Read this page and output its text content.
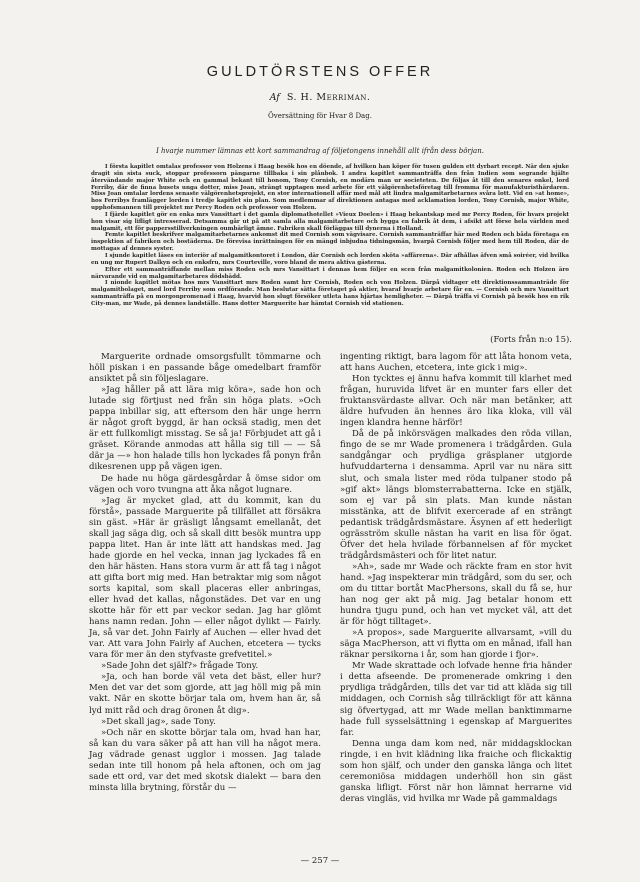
GULDTÖRSTENS OFFER
Af S. H. Merriman.
Översättning för Hvar 8 Dag.
I hvarje nummer lämnas ett kort sammandrag af följetongens innehåll allt ifrån dess början.

I första kapitlet omtalas professor von Holzens i Haag besök hos en döende, af hvilken han köper för tusen gulden ett dyrbart recept. När den sjuke dragit sin sista suck, stoppar professorn pängarne tillbaka i sin plånbok. I andra kapitlet sammanträffa den från Indien som segrande hjälte återvändande major White och en gammal bekant till honom, Tony Cornish, en modärn man ur societeten. De följas åt till den senares onkel, lord Ferriby, där de finna husets unga dotter, miss Joan, strängt upptagen med arbete för ett välgörenhetsföretag till fromma för manufakturisthärdaren. Miss Joan omtalar lordens senaste välgörenhetsprojekt, en stor internationell affär med mål att lindra malgamitarbetarnes svåra lott. Vid en »at home», hos Ferribys framlägger lorden i tredje kapitlet sin plan. Som medlemmar af direktionen antagas med acklamation lorden, Tony Cornish, major White, upphofsmannen till projektet mr Percy Roden och professor von Holzen.

I fjärde kapitlet gör en enka mrs Vansittart i det gamla diplomathotellet »Vieux Doelen» i Haag bekantskap med mr Percy Roden, för hvars projekt hon visar sig lifligt intresserad. Detsamma går ut på att samla alla malgamitarbetare och bygga en fabrik åt dem, i afsikt att förse hela världen med malgamit, ett för pappersstillverkningen oumbärligt ämne. Fabriken skall förläggas till dynerna i Holland.

Femte kapitlet beskrifver malgamitarbetarnes ankomst dit med Cornish som vägvisare. Cornish sammanträffar här med Roden och båda företaga en inspektion af fabriken och bostäderna. De förevisa inrättningen för en mängd inbjudna tidningsmän, hvarpå Cornish följer med hem till Roden, där de mottagas af dennes syster.

I sjunde kapitlet läses en interiör af malgamitkontoret i London, där Cornish och lorden sköta »affärerna». Där afhållas äfven små soiréer, vid hvilka en ung mr Rupert Dalkyn och en enksfru, mrs Courteville, voro bland de mera aktiva gästerna.

Efter ett sammanträffande mellan miss Roden och mrs Vansittart i dennas hem följer en scen från malgamitkolonien. Roden och Holzen äro närvarande vid en malgamitarbetares dödsbädd.

I nionde kapitlet mötas hos mrs Vansittart mrs Roden samt hrr Cornish, Roden och von Holzen. Därpå vidtager ett direktionssammanträde för malgamitbolaget, med lord Ferriby som ordförande. Man beslutar sätta företaget på aktier, hvaraf hvarje arbetare får en. — Cornish och mrs Vansittart sammanträffa på en morgonpromenad i Haag, hvarvid hon slugt försöker utleta hans hjärtas hemligheter. — Därpå träffa vi Cornish på besök hos en rik City-man, mr Wade, på dennes landställe. Hans dotter Marguerite har hämtat Cornish vid stationen.

(Forts från n:o 15).

Marguerite ordnade omsorgsfullt tömmarne och höll piskan i en passande båge omedelbart framför ansiktet på sin följeslagare.

»Jag håller på att lära mig köra», sade hon och lutade sig förtjust ned från sin höga plats. »Och pappa inbillar sig, att eftersom den här unge herrn är något groft byggd, är han ocksä stadig, men det är ett fullkomligt misstag. Se så ja! Förbjudet att gå i gräset. Körande anmodas att hålla sig till — — Så där ja —» hon halade tills hon lyckades få ponyn från dikesrenen upp på vägen igen.

De hade nu höga gärdesgårdar å ömse sidor om vägen och voro tvungna att åka något lugnare.

»Jag är mycket glad, att du kommit, kan du förstå», passade Marguerite på tillfället att försäkra sin gäst. »Här är gräsligt långsamt emellanåt, det skall jag säga dig, och så skall ditt besök muntra upp pappa litet. Han är inte lätt att handskas med. Jag hade gjorde en hel vecka, innan jag lyckades få en den här hästen. Hans stora vurm är att få tag i något att gifta bort mig med. Han betraktar mig som något sorts kapital, som skall placeras eller anbringas, eller hvad det kallas, någonstädes. Det var en ung skotte här för ett par veckor sedan. Jag har glömt hans namn redan. John — eller något dylikt — Fairly. Ja, så var det. John Fairly af Auchen — eller hvad det var. Att vara John Fairly af Auchen, etcetera — tycks vara för mer än den styfvaste grefvetitel.»

»Sade John det själf?» frågade Tony.

»Ja, och han borde väl veta det bäst, eller hur? Men det var det som gjorde, att jag höll mig på min vakt. När en skotte börjar tala om, hvem han är, så lyd mitt råd och drag öronen åt dig».

»Det skall jag», sade Tony.

»Och när en skotte börjar tala om, hvad han har, så kan du vara säker på att han vill ha något mera. Jag vädrade genast ugglor i mossen. Jag talade sedan inte till honom på hela aftonen, och om jag sade ett ord, var det med skotsk dialekt — bara den minsta lilla brytning, förstår du —

ingenting riktigt, bara lagom för att låta honom veta, att hans Auchen, etcetera, inte gick i mig».

Hon tycktes ej ännu hafva kommit till klarhet med frågan, huruvida lifvet är en munter fars eller det fruktansvärdaste allvar. Och när man betänker, att äldre hufvuden än hennes äro lika kloka, vill väl ingen klandra henne härför!

Då de på inkörsvägen malkades den röda villan, fingo de se mr Wade promenera i trädgården. Gula sandgångar och prydliga gräsplaner utgjorde hufvuddarterna i densamma. April var nu nära sitt slut, och smala lister med röda tulpaner stodo på »gif akt» längs blomsterrabatterna. Icke en stjälk, som ej var på sin plats. Man kunde nästan misstänka, att de blifvit exercerade af en strängt pedantisk trädgårdsmästare. Äsynen af ett hederligt ogräsström skulle nästan ha varit en lisa för ögat. Öfver det hela hvilade förbannelsen af för mycket trädgårdsmästeri och för litet natur.

»Ah», sade mr Wade och räckte fram en stor hvit hand. »Jag inspekterar min trädgård, som du ser, och om du tittar bortåt MacPhersons, skall du få se, hur han nog ger akt på mig. Jag betalar honom ett hundra tjugu pund, och han vet mycket väl, att det är för högt tilltaget».

»A propos», sade Marguerite allvarsamt, »vill du säga MacPherson, att vi flytta om en månad, ifall han räknar persikorna i år, som han gjorde i fjor».

Mr Wade skrattade och lofvade henne fria händer i detta afseende. De promenerade omkring i den prydliga trädgården, tills det var tid att kläda sig till middagen, och Cornish såg tillräckligt för att känna sig öfvertygad, att mr Wade mellan banktimmarne hade full sysselsättning i egenskap af Marguerites far.

Denna unga dam kom ned, när middagsklockan ringde, i en hvit klädning lika fraiche och flickaktig som hon själf, och under den ganska länga och litet ceremoniösa middagen underhöll hon sin gäst ganska lifligt. Först när hon lämnat herrarne vid deras vingläs, vid hvilka mr Wade på gammaldags

— 257 —
